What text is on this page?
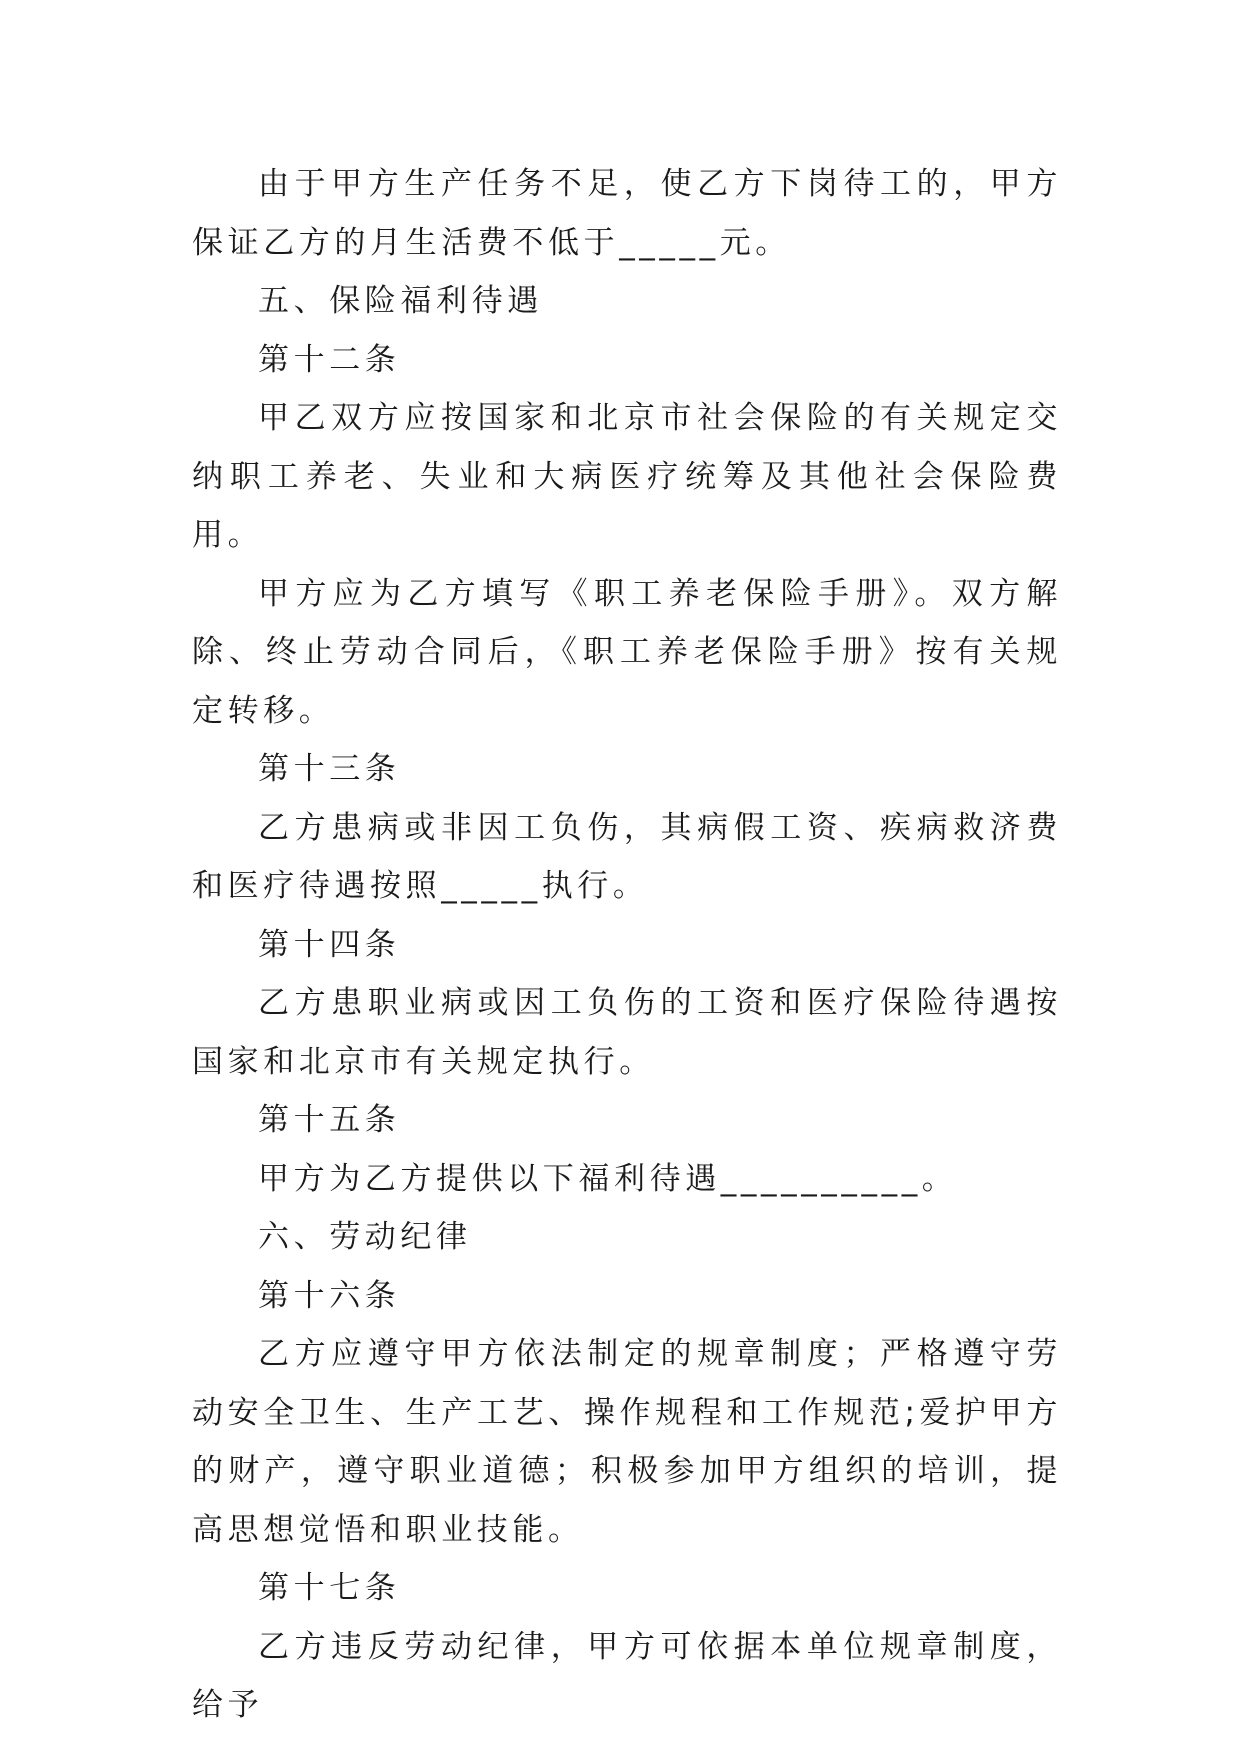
由于甲方生产任务不足，使乙方下岗待工的，甲方保证乙方的月生活费不低于_____元。

五、保险福利待遇

第十二条

甲乙双方应按国家和北京市社会保险的有关规定交纳职工养老、失业和大病医疗统筹及其他社会保险费用。

甲方应为乙方填写《职工养老保险手册》。双方解除、终止劳动合同后，《职工养老保险手册》按有关规定转移。

第十三条

乙方患病或非因工负伤，其病假工资、疾病救济费和医疗待遇按照_____执行。

第十四条

乙方患职业病或因工负伤的工资和医疗保险待遇按国家和北京市有关规定执行。

第十五条

甲方为乙方提供以下福利待遇__________。

六、劳动纪律

第十六条

乙方应遵守甲方依法制定的规章制度；严格遵守劳动安全卫生、生产工艺、操作规程和工作规范;爱护甲方的财产，遵守职业道德；积极参加甲方组织的培训，提高思想觉悟和职业技能。

第十七条

乙方违反劳动纪律，甲方可依据本单位规章制度，给予
